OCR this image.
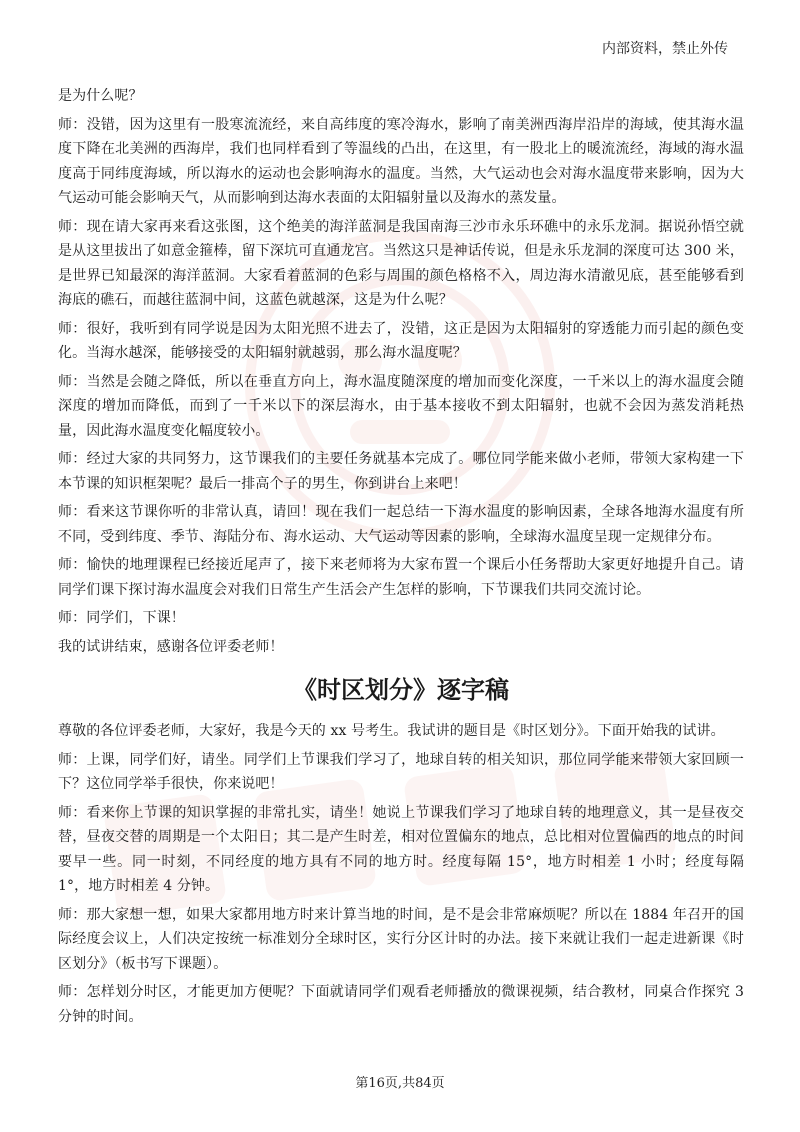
内部资料，禁止外传

是为什么呢？

师：没错，因为这里有一股寒流流经，来自高纬度的寒冷海水，影响了南美洲西海岸沿岸的海域，使其海水温度下降在北美洲的西海岸，我们也同样看到了等温线的凸出，在这里，有一股北上的暖流流经，海域的海水温度高于同纬度海域，所以海水的运动也会影响海水的温度。当然，大气运动也会对海水温度带来影响，因为大气运动可能会影响天气，从而影响到达海水表面的太阳辐射量以及海水的蒸发量。

师：现在请大家再来看这张图，这个绝美的海洋蓝洞是我国南海三沙市永乐环礁中的永乐龙洞。据说孙悟空就是从这里拔出了如意金箍棒，留下深坑可直通龙宫。当然这只是神话传说，但是永乐龙洞的深度可达 300 米，是世界已知最深的海洋蓝洞。大家看着蓝洞的色彩与周围的颜色格格不入，周边海水清澈见底，甚至能够看到海底的礁石，而越往蓝洞中间，这蓝色就越深，这是为什么呢？

师：很好，我听到有同学说是因为太阳光照不进去了，没错，这正是因为太阳辐射的穿透能力而引起的颜色变化。当海水越深，能够接受的太阳辐射就越弱，那么海水温度呢？

师：当然是会随之降低，所以在垂直方向上，海水温度随深度的增加而变化深度，一千米以上的海水温度会随深度的增加而降低，而到了一千米以下的深层海水，由于基本接收不到太阳辐射，也就不会因为蒸发消耗热量，因此海水温度变化幅度较小。

师：经过大家的共同努力，这节课我们的主要任务就基本完成了。哪位同学能来做小老师，带领大家构建一下本节课的知识框架呢？最后一排高个子的男生，你到讲台上来吧！

师：看来这节课你听的非常认真，请回！现在我们一起总结一下海水温度的影响因素，全球各地海水温度有所不同，受到纬度、季节、海陆分布、海水运动、大气运动等因素的影响，全球海水温度呈现一定规律分布。

师：愉快的地理课程已经接近尾声了，接下来老师将为大家布置一个课后小任务帮助大家更好地提升自己。请同学们课下探讨海水温度会对我们日常生产生活会产生怎样的影响，下节课我们共同交流讨论。

师：同学们，下课！

我的试讲结束，感谢各位评委老师！

《时区划分》逐字稿

尊敬的各位评委老师，大家好，我是今天的 xx 号考生。我试讲的题目是《时区划分》。下面开始我的试讲。

师：上课，同学们好，请坐。同学们上节课我们学习了，地球自转的相关知识，那位同学能来带领大家回顾一下？这位同学举手很快，你来说吧！

师：看来你上节课的知识掌握的非常扎实，请坐！她说上节课我们学习了地球自转的地理意义，其一是昼夜交替，昼夜交替的周期是一个太阳日；其二是产生时差，相对位置偏东的地点，总比相对位置偏西的地点的时间要早一些。同一时刻，不同经度的地方具有不同的地方时。经度每隔 15°，地方时相差 1 小时；经度每隔 1°，地方时相差 4 分钟。

师：那大家想一想，如果大家都用地方时来计算当地的时间，是不是会非常麻烦呢？所以在 1884 年召开的国际经度会议上，人们决定按统一标准划分全球时区，实行分区计时的办法。接下来就让我们一起走进新课《时区划分》（板书写下课题）。

师：怎样划分时区，才能更加方便呢？下面就请同学们观看老师播放的微课视频，结合教材，同桌合作探究 3 分钟的时间。

第16页,共84页
